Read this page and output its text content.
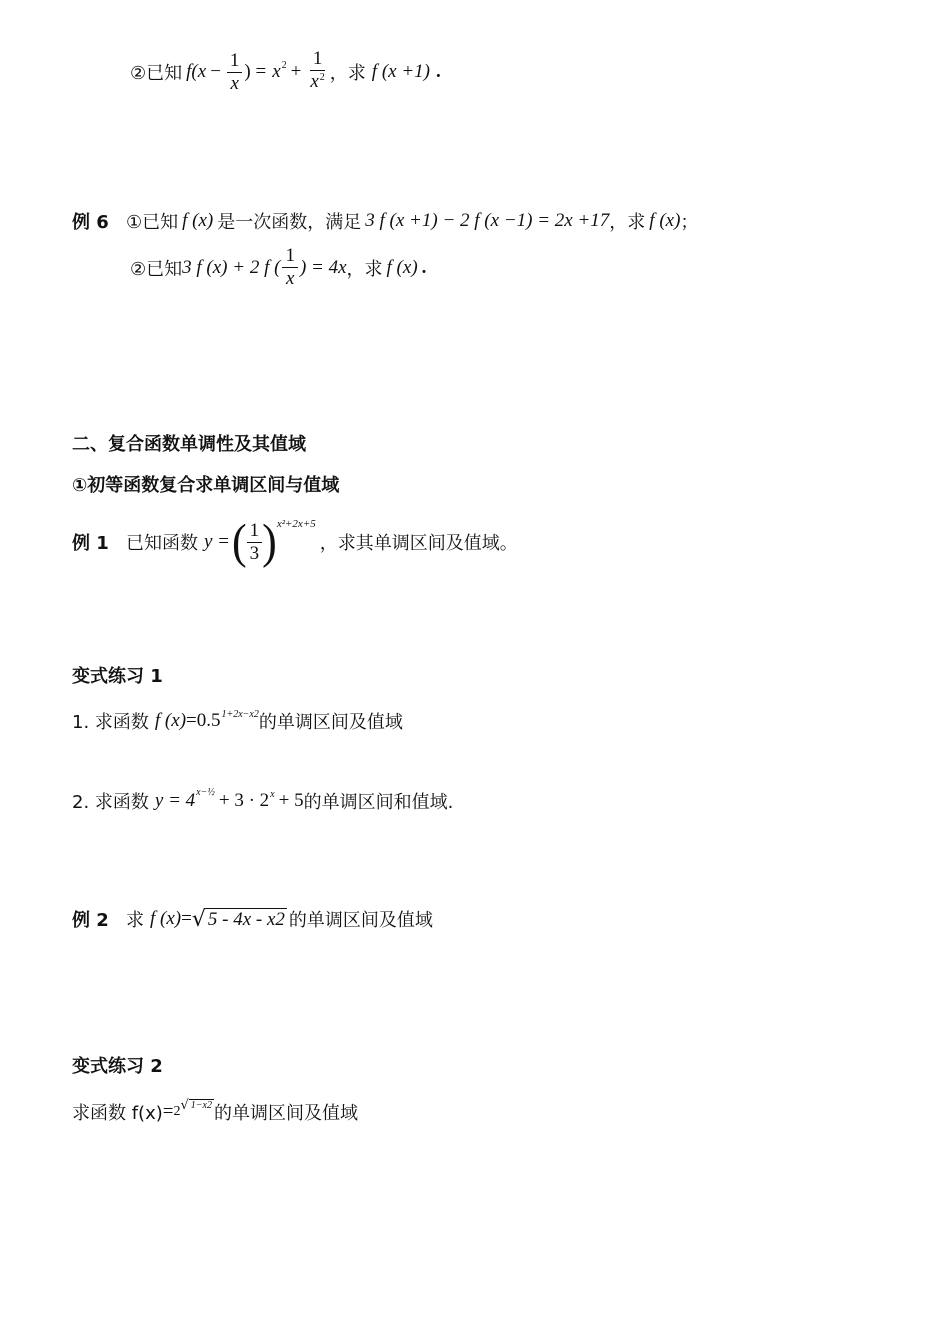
②已知 f ($x - \frac{1}{x}$ ) = x $2 + \frac{1}{x^2}$ ，求 f (x +1) .
例 6 ①已知 f (x) 是一次函数，满足 3 f (x +1) − 2 f (x −1) = 2x +17 ，求 f (x) ；
②已知 3 f (x) + 2 f ( $\frac{1}{x}$ ) = 4x ，求 f (x) .
二、复合函数单调性及其值域
①初等函数复合求单调区间与值域
例 1 已知函数 y = ( $\frac{1}{3}$ ) x²+2x+5
，求其单调区间及值域。
变式练习 1
1. 求函数 f (x) = 0.5 1+2x−x2 的单调区间及值域
2. 求函数 y = 4 x−½ + 3 · 2 x + 5 的单调区间和值域.
例 2 求 f (x) = √ 5 - 4x - x2 的单调区间及值域
变式练习 2
求函数 f(x) = 2 √ 1−x2 的单调区间及值域
